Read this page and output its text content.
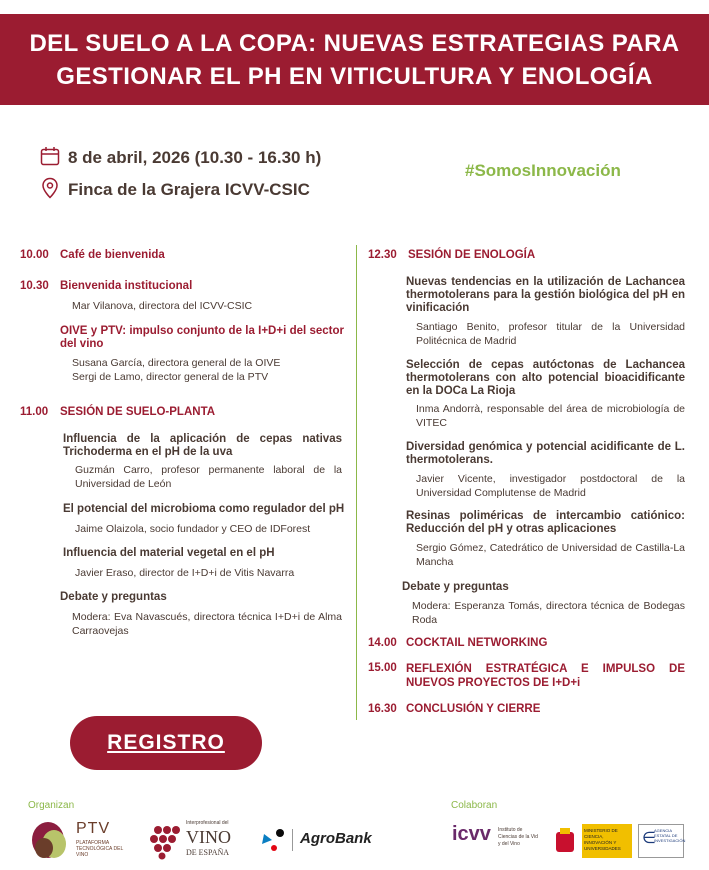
DEL SUELO A LA COPA: NUEVAS ESTRATEGIAS PARA
GESTIONAR EL PH EN VITICULTURA Y ENOLOGÍA
8 de abril, 2026 (10.30 - 16.30 h)
Finca de la Grajera ICVV-CSIC
#SomosInnovación
10.00 Café de bienvenida
10.30 Bienvenida institucional
Mar Vilanova, directora del ICVV-CSIC
OIVE y PTV: impulso conjunto de la I+D+i del sector del vino
Susana García, directora general de la OIVE
Sergi de Lamo, director general de la PTV
11.00 SESIÓN DE SUELO-PLANTA
Influencia de la aplicación de cepas nativas Trichoderma en el pH de la uva
Guzmán Carro, profesor permanente laboral de la Universidad de León
El potencial del microbioma como regulador del pH
Jaime Olaizola, socio fundador y CEO de IDForest
Influencia del material vegetal en el pH
Javier Eraso, director de I+D+i de Vitis Navarra
Debate y preguntas
Modera: Eva Navascués, directora técnica I+D+i de Alma Carraovejas
12.30 SESIÓN DE ENOLOGÍA
Nuevas tendencias en la utilización de Lachancea thermotolerans para la gestión biológica del pH en vinificación
Santiago Benito, profesor titular de la Universidad Politécnica de Madrid
Selección de cepas autóctonas de Lachancea thermotolerans con alto potencial bioacidificante en la DOCa La Rioja
Inma Andorrà, responsable del área de microbiología de VITEC
Diversidad genómica y potencial acidificante de L. thermotolerans.
Javier Vicente, investigador postdoctoral de la Universidad Complutense de Madrid
Resinas poliméricas de intercambio catiónico: Reducción del pH y otras aplicaciones
Sergio Gómez, Catedrático de Universidad de Castilla-La Mancha
Debate y preguntas
Modera: Esperanza Tomás, directora técnica de Bodegas Roda
14.00 COCKTAIL NETWORKING
15.00 REFLEXIÓN ESTRATÉGICA E IMPULSO DE NUEVOS PROYECTOS DE I+D+i
16.30 CONCLUSIÓN Y CIERRE
REGISTRO
Organizan	Colaboran
PTV
PLATAFORMA TECNOLÓGICA DEL VINO
Interprofesional del
VINO
DE ESPAÑA
AgroBank	icvv Instituto de Ciencias de la Vid y del Vino
MINISTERIO DE CIENCIA, INNOVACIÓN Y UNIVERSIDADES
∈
AGENCIA ESTATAL DE INVESTIGACIÓN
